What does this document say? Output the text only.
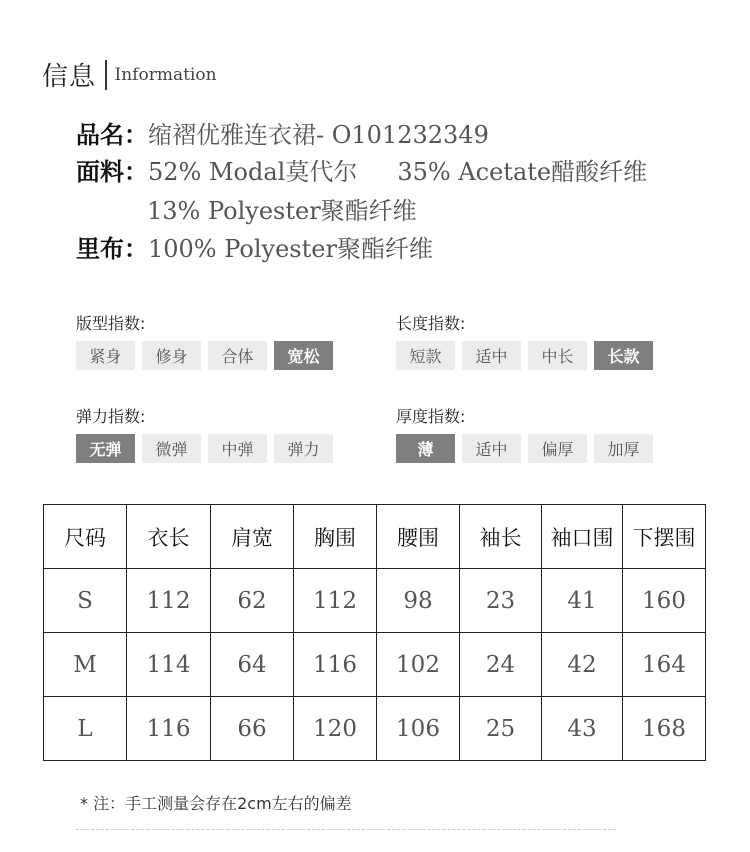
信息 Information
品名：缩褶优雅连衣裙- O101232349
面料：52% Modal莫代尔 35% Acetate醋酸纤维
13% Polyester聚酯纤维
里布：100% Polyester聚酯纤维
版型指数:
紧身	修身	合体	宽松
长度指数:
短款	适中	中长	长款
弹力指数:
无弹	微弹	中弹	弹力
厚度指数:
薄	适中	偏厚	加厚
尺码	衣长	肩宽	胸围	腰围	袖长	袖口围	下摆围
S	112	62	112	98	23	41	160
M	114	64	116	102	24	42	164
L	116	66	120	106	25	43	168
* 注：手工测量会存在2cm左右的偏差
